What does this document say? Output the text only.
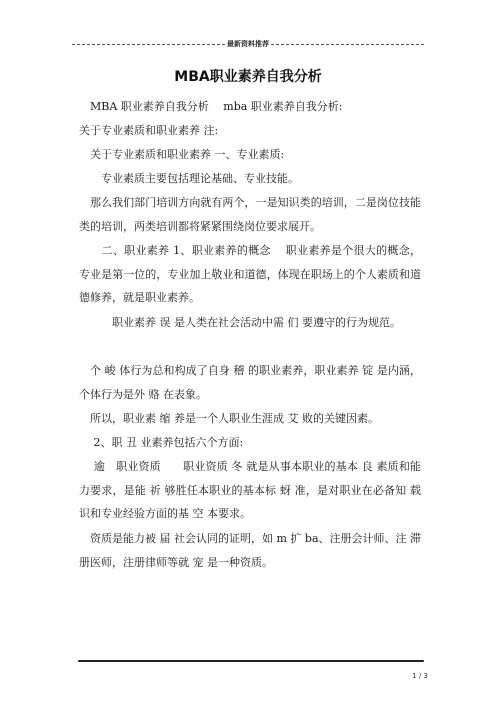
最新资料推荐
MBA职业素养自我分析

　MBA 职业素养自我分析 　mba 职业素养自我分析:

关于专业素质和职业素养 注:

　关于专业素质和职业素养 一、专业素质:

　　专业素质主要包括理论基础、专业技能。

　那么我们部门培训方向就有两个，一是知识类的培训，二是岗位技能类的培训，两类培训都将紧紧围绕岗位要求展开。

　　二、职业素养 1、职业素养的概念　 职业素养是个很大的概念，专业是第一位的，专业加上敬业和道德，体现在职场上的个人素质和道德修养，就是职业素养。

　　　职业素养 误 是人类在社会活动中需 们 要遵守的行为规范。

　个 峻 体行为总和构成了自身 稽 的职业素养，职业素养 锭 是内涵，个体行为是外 赂 在表象。

　所以，职业素 缩 养是一个人职业生涯成 艾 败的关键因素。

　 2、职 丑 业素养包括六个方面:

　 逾　职业资质　　职业资质 冬 就是从事本职业的基本 良 素质和能力要求，是能 祈 够胜任本职业的基本标 蚜 准，是对职业在必备知 载 识和专业经验方面的基 空 本要求。

　资质是能力被 届 社会认同的证明，如 m 扩 ba、注册会计师、注 滞 册医师，注册律师等就 宠 是一种资质。

1 / 3
